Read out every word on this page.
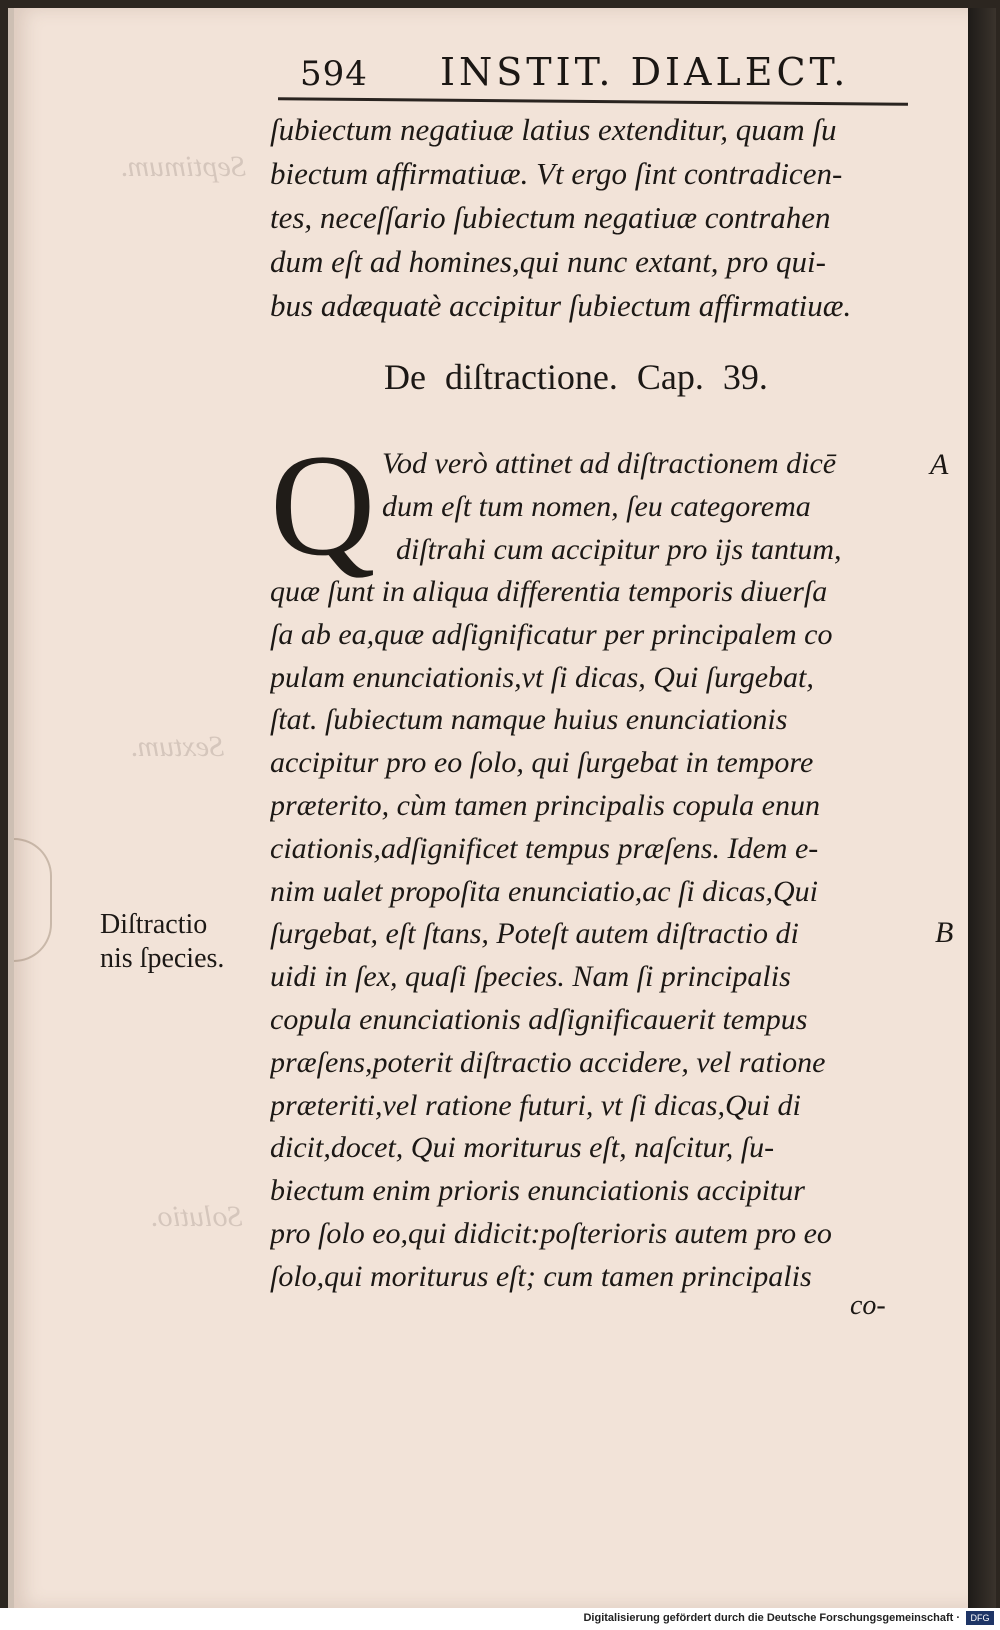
Septimum.
Sextum.
Solutio.
594 INSTIT. DIALECT.
ſubiectum negatiuæ latius extenditur, quam ſu
biectum affirmatiuæ. Vt ergo ſint contradicen-
tes, neceſſario ſubiectum negatiuæ contrahen
dum eſt ad homines,qui nunc extant, pro qui-
bus adæquatè accipitur ſubiectum affirmatiuæ.
De diſtractione. Cap. 39.
Q Vod verò attinet ad diſtractionem dicē
dum eſt tum nomen, ſeu categorema
diſtrahi cum accipitur pro ijs tantum,
quæ ſunt in aliqua differentia temporis diuerſa
ſa ab ea,quæ adſignificatur per principalem co
pulam enunciationis,vt ſi dicas, Qui ſurgebat,
ſtat. ſubiectum namque huius enunciationis
accipitur pro eo ſolo, qui ſurgebat in tempore
præterito, cùm tamen principalis copula enun
ciationis,adſignificet tempus præſens. Idem e-
nim ualet propoſita enunciatio,ac ſi dicas,Qui
ſurgebat, eſt ſtans, Poteſt autem diſtractio di
uidi in ſex, quaſi ſpecies. Nam ſi principalis
copula enunciationis adſignificauerit tempus
præſens,poterit diſtractio accidere, vel ratione
præteriti,vel ratione futuri, vt ſi dicas,Qui di
dicit,docet, Qui moriturus eſt, naſcitur, ſu-
biectum enim prioris enunciationis accipitur
pro ſolo eo,qui didicit:poſterioris autem pro eo
ſolo,qui moriturus eſt; cum tamen principalis
Diſtractio
nis ſpecies.
A
B
co-
Digitalisierung gefördert durch die Deutsche Forschungsgemeinschaft ·	DFG
